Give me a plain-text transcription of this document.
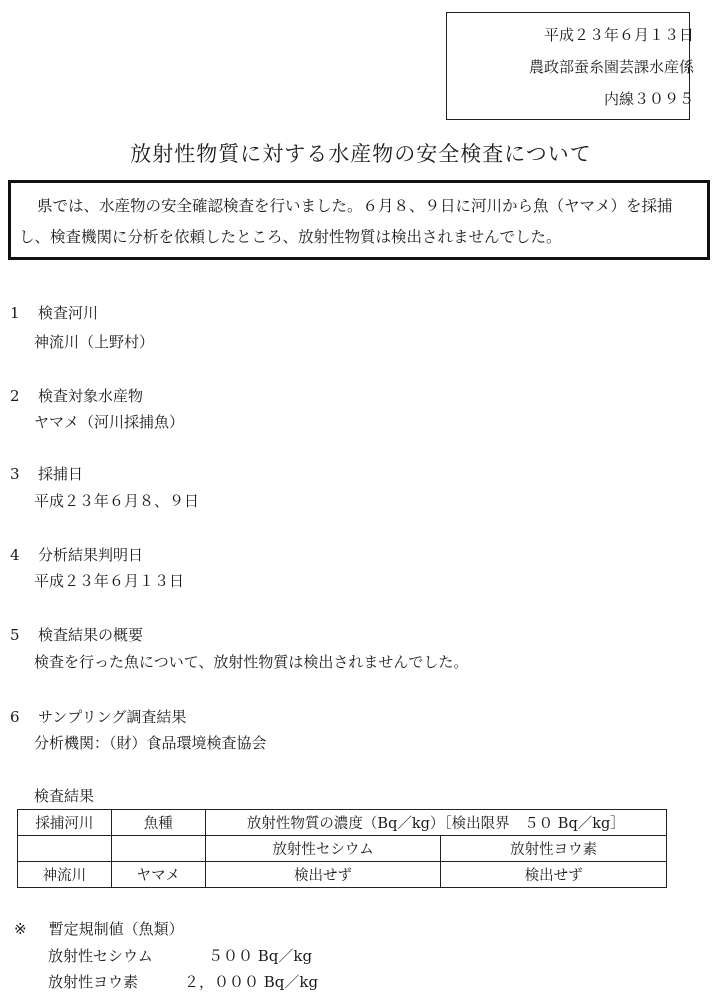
平成２３年６月１３日
農政部蚕糸園芸課水産係
内線３０９５
放射性物質に対する水産物の安全検査について
県では、水産物の安全確認検査を行いました。６月８、９日に河川から魚（ヤマメ）を採捕し、検査機関に分析を依頼したところ、放射性物質は検出されませんでした。
1 検査河川
神流川（上野村）
2 検査対象水産物
ヤマメ（河川採捕魚）
3 採捕日
平成２３年６月８、９日
4 分析結果判明日
平成２３年６月１３日
5 検査結果の概要
検査を行った魚について、放射性物質は検出されませんでした。
6 サンプリング調査結果
分析機関：（財）食品環境検査協会
検査結果
採捕河川	魚種	放射性物質の濃度（Bq／kg）［検出限界　５０ Bq／kg］	
		放射性セシウム	放射性ヨウ素
神流川	ヤマメ	検出せず	検出せず
※ 暫定規制値（魚類）
放射性セシウム	５００ Bq／kg
放射性ヨウ素	２，０００ Bq／kg
